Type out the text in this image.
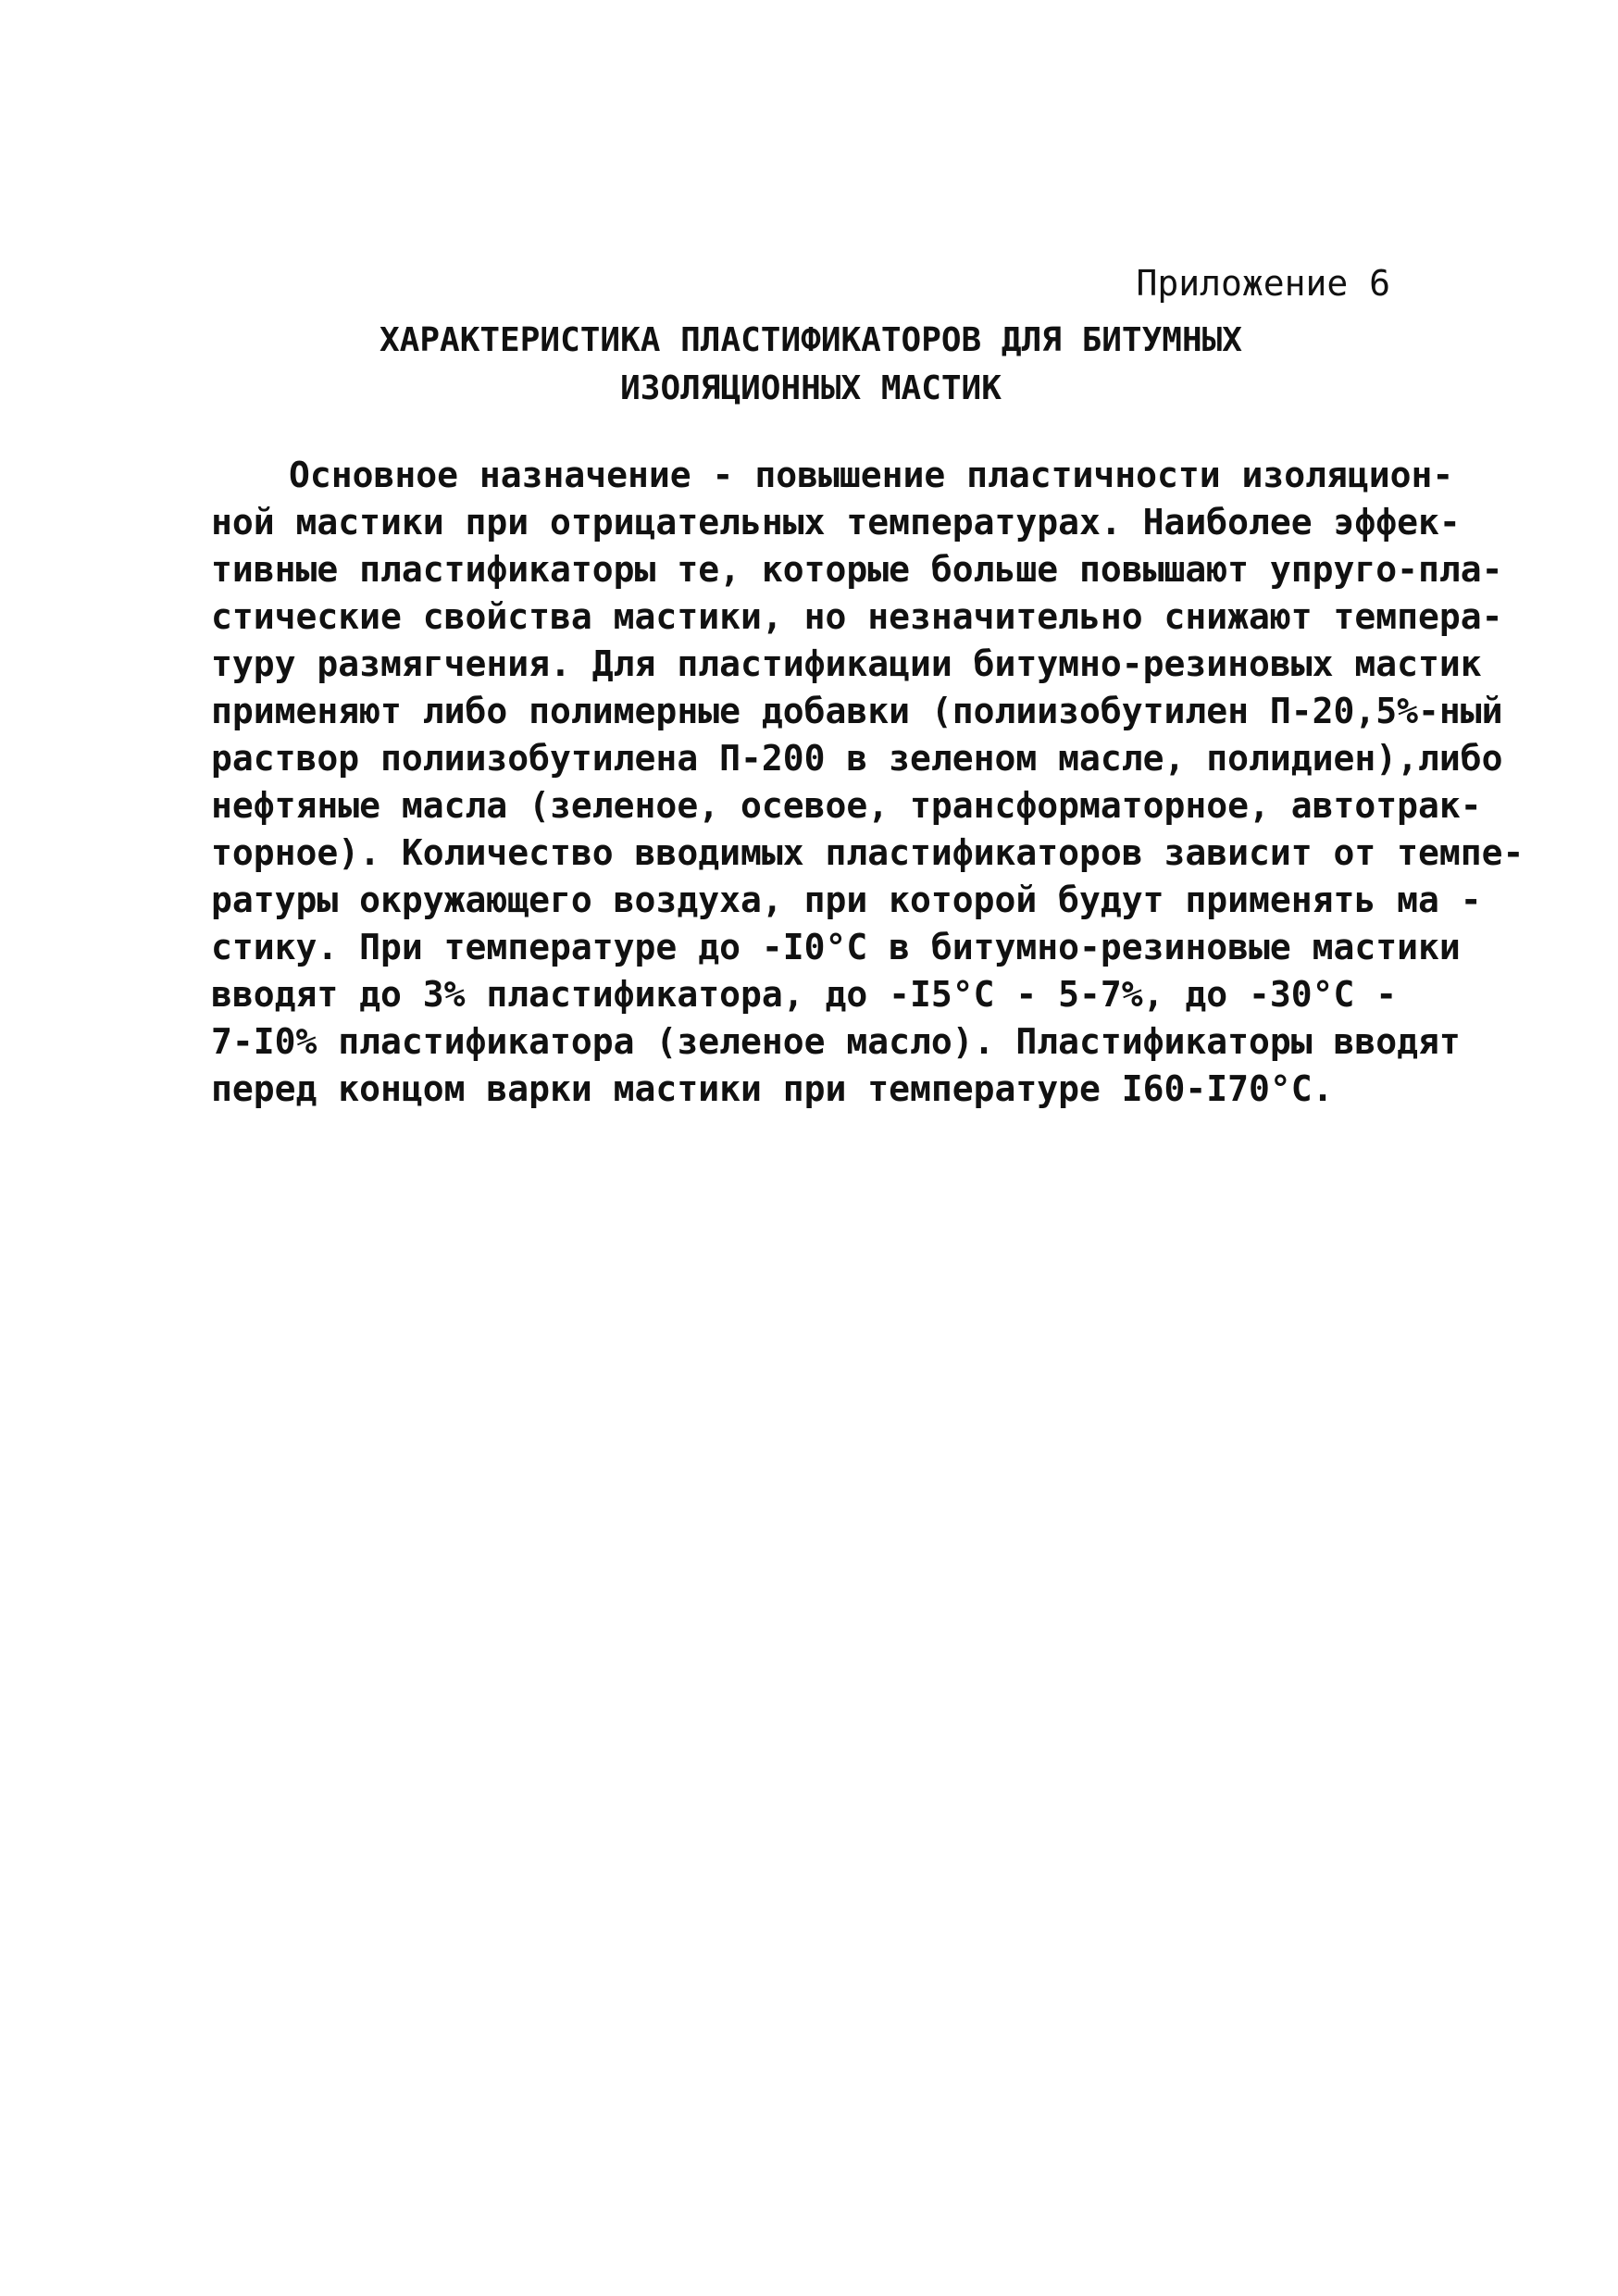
Приложение 6
ХАРАКТЕРИСТИКА ПЛАСТИФИКАТОРОВ ДЛЯ БИТУМНЫХ
ИЗОЛЯЦИОННЫХ МАСТИК
Основное назначение - повышение пластичности изоляцион-
ной мастики при отрицательных температурах. Наиболее эффек-
тивные пластификаторы те, которые больше повышают упруго-пла-
стические свойства мастики, но незначительно снижают темпера-
туру размягчения. Для пластификации битумно-резиновых мастик
применяют либо полимерные добавки (полиизобутилен П-20,5%-ный
раствор полиизобутилена П-200 в зеленом масле, полидиен),либо
нефтяные масла (зеленое, осевое, трансформаторное, автотрак-
торное). Количество вводимых пластификаторов зависит от темпе-
ратуры окружающего воздуха, при которой будут применять ма -
стику. При температуре до -I0°C в битумно-резиновые мастики
вводят до 3% пластификатора, до -I5°C - 5-7%, до -30°C -
7-I0% пластификатора (зеленое масло). Пластификаторы вводят
перед концом варки мастики при температуре I60-I70°C.
